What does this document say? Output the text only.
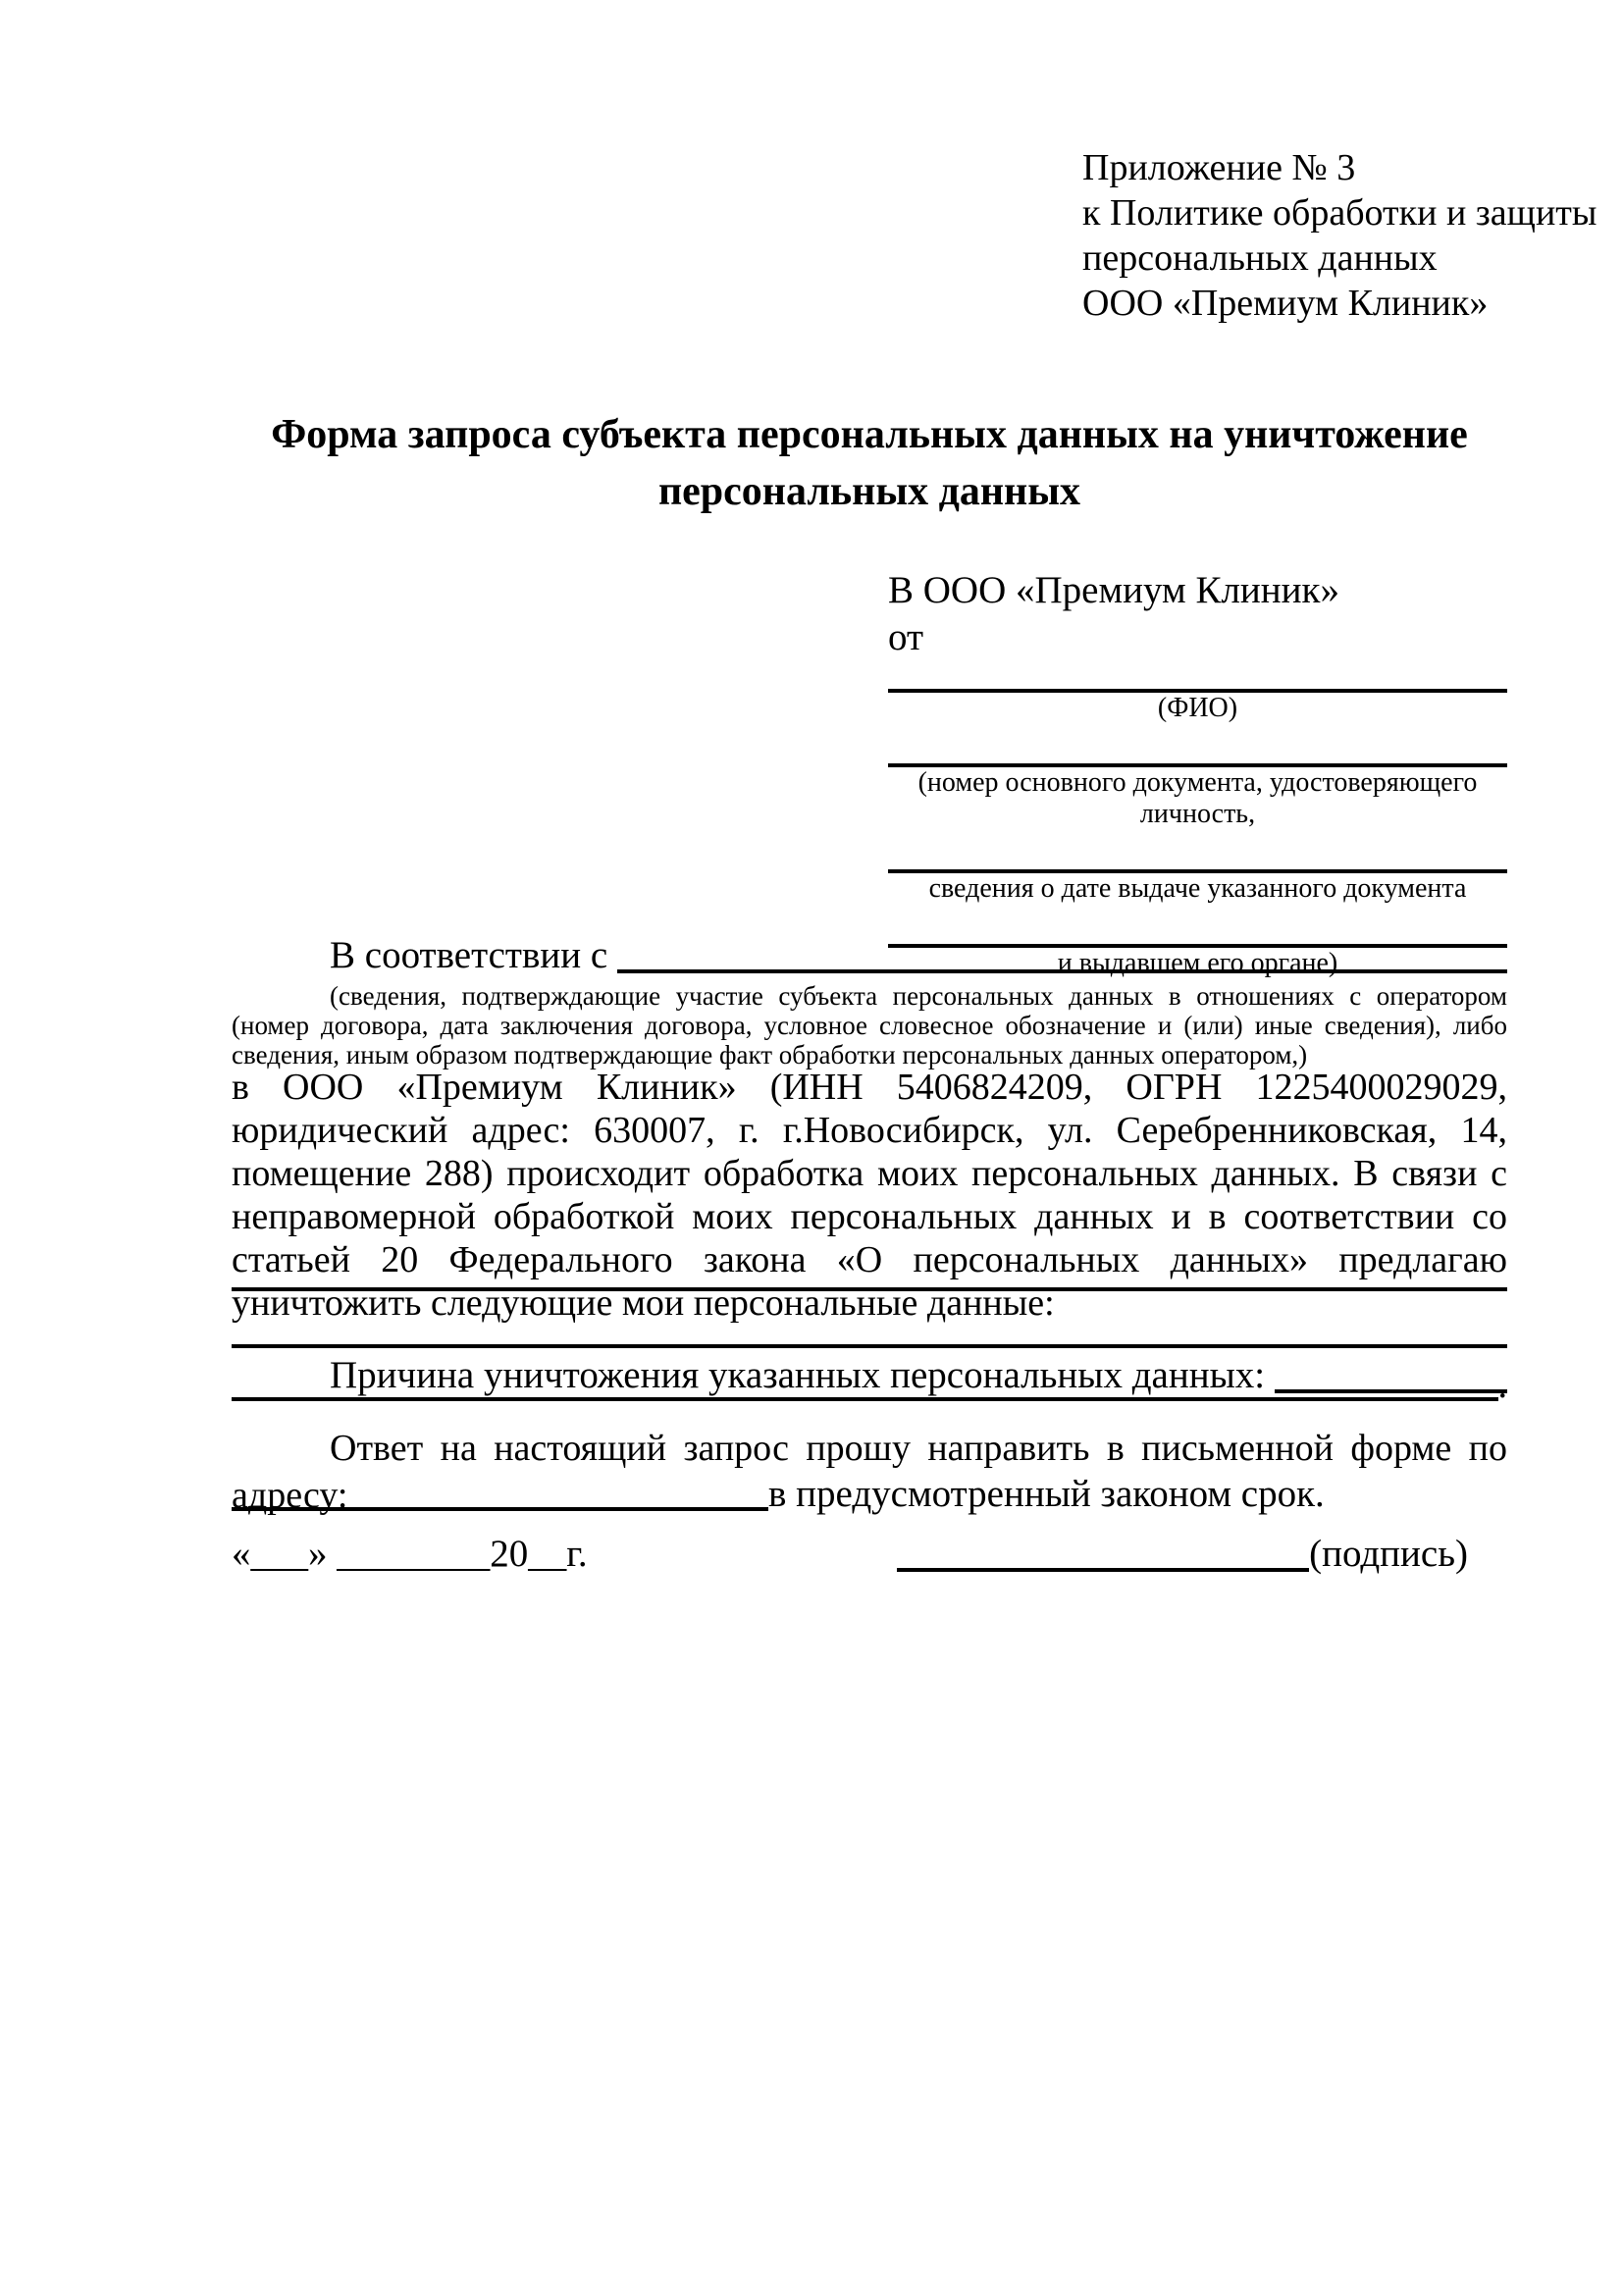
Приложение № 3
к Политике обработки и защиты
персональных данных
ООО «Премиум Клиник»
Форма запроса субъекта персональных данных на уничтожение персональных данных
В ООО «Премиум Клиник»
от
(ФИО)
(номер основного документа, удостоверяющего личность,
сведения о дате выдаче указанного документа
и выдавшем его органе)
В соответствии с
(сведения, подтверждающие участие субъекта персональных данных в отношениях с оператором (номер договора, дата заключения договора, условное словесное обозначение и (или) иные сведения), либо сведения, иным образом подтверждающие факт обработки персональных данных оператором,)
в ООО «Премиум Клиник» (ИНН 5406824209, ОГРН 1225400029029, юридический адрес: 630007, г. г.Новосибирск, ул. Серебренниковская, 14, помещение 288) происходит обработка моих персональных данных. В связи с неправомерной обработкой моих персональных данных и в соответствии со статьей 20 Федерального закона «О персональных данных» предлагаю уничтожить следующие мои персональные данные:
Причина уничтожения указанных персональных данных:	.
Ответ на настоящий запрос прошу направить в письменной форме по адресу:	в предусмотренный законом срок.
«___» ________20__г.	(подпись)
